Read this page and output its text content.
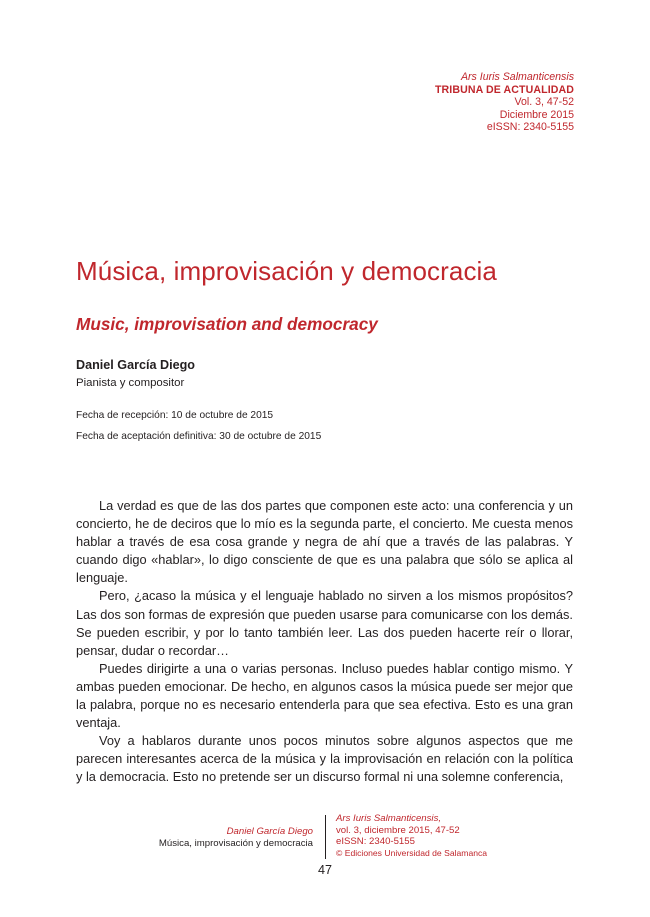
Ars Iuris Salmanticensis
TRIBUNA DE ACTUALIDAD
Vol. 3, 47-52
Diciembre 2015
eISSN: 2340-5155
Música, improvisación y democracia
Music, improvisation and democracy
Daniel García Diego
Pianista y compositor
Fecha de recepción: 10 de octubre de 2015
Fecha de aceptación definitiva: 30 de octubre de 2015

La verdad es que de las dos partes que componen este acto: una conferencia y un concierto, he de deciros que lo mío es la segunda parte, el concierto. Me cuesta menos hablar a través de esa cosa grande y negra de ahí que a través de las palabras. Y cuando digo «hablar», lo digo consciente de que es una palabra que sólo se aplica al lenguaje.

Pero, ¿acaso la música y el lenguaje hablado no sirven a los mismos propósitos? Las dos son formas de expresión que pueden usarse para comunicarse con los demás. Se pueden escribir, y por lo tanto también leer. Las dos pueden hacerte reír o llorar, pensar, dudar o recordar…

Puedes dirigirte a una o varias personas. Incluso puedes hablar contigo mismo. Y ambas pueden emocionar. De hecho, en algunos casos la música puede ser mejor que la palabra, porque no es necesario entenderla para que sea efectiva. Esto es una gran ventaja.

Voy a hablaros durante unos pocos minutos sobre algunos aspectos que me parecen interesantes acerca de la música y la improvisación en relación con la política y la democracia. Esto no pretende ser un discurso formal ni una solemne conferencia,

Daniel García Diego
Música, improvisación y democracia
Ars Iuris Salmanticensis,
vol. 3, diciembre 2015, 47-52
eISSN: 2340-5155
© Ediciones Universidad de Salamanca
47
